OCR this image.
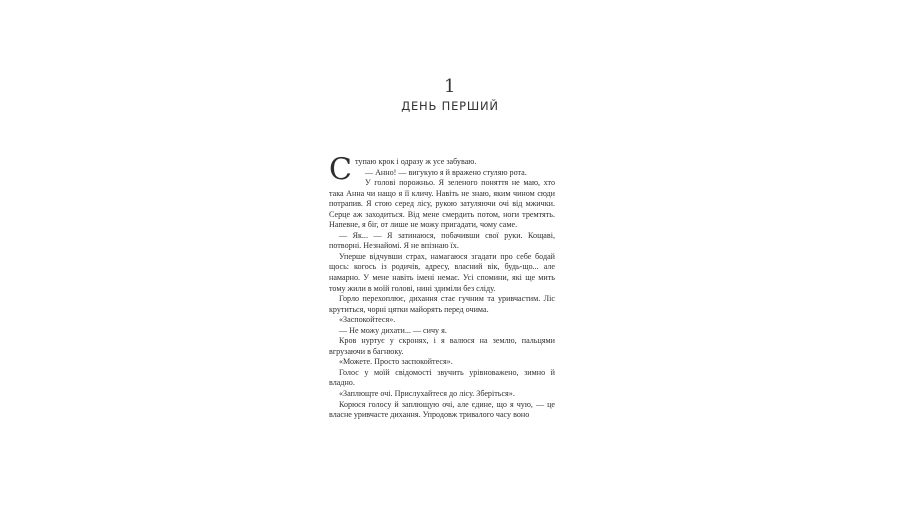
1
ДЕНЬ ПЕРШИЙ

Ступаю крок і одразу ж усе забуваю.

— Анно! — вигукую я й вражено стуляю рота.

У голові порожньо. Я зеленого поняття не маю, хто така Анна чи нащо я її кличу. Навіть не знаю, яким чином сюди потрапив. Я стою серед лісу, рукою затуляючи очі від мжички. Серце аж заходиться. Від мене смердить потом, ноги тремтять. Напевне, я біг, от лише не можу пригадати, чому саме.

— Як... — Я затинаюся, побачивши свої руки. Кощаві, потворні. Незнайомі. Я не впізнаю їх.

Уперше відчувши страх, намагаюся згадати про себе бодай щось: когось із родичів, адресу, власний вік, будь-що... але намарно. У мене навіть імені немає. Усі спомини, які ще мить тому жили в моїй голові, нині здиміли без сліду.

Горло перехоплює, дихання стає гучним та уривчастим. Ліс крутиться, чорні цятки майорять перед очима.

«Заспокойтеся».

— Не можу дихати... — сичу я.

Кров нуртує у скронях, і я валюся на землю, пальцями вгрузаючи в багнюку.

«Можете. Просто заспокойтеся».

Голос у моїй свідомості звучить урівноважено, зимно й владно.

«Заплющте очі. Прислухайтеся до лісу. Зберіться».

Корюся голосу й заплющую очі, але єдине, що я чую, — це власне уривчасте дихання. Упродовж тривалого часу воно
